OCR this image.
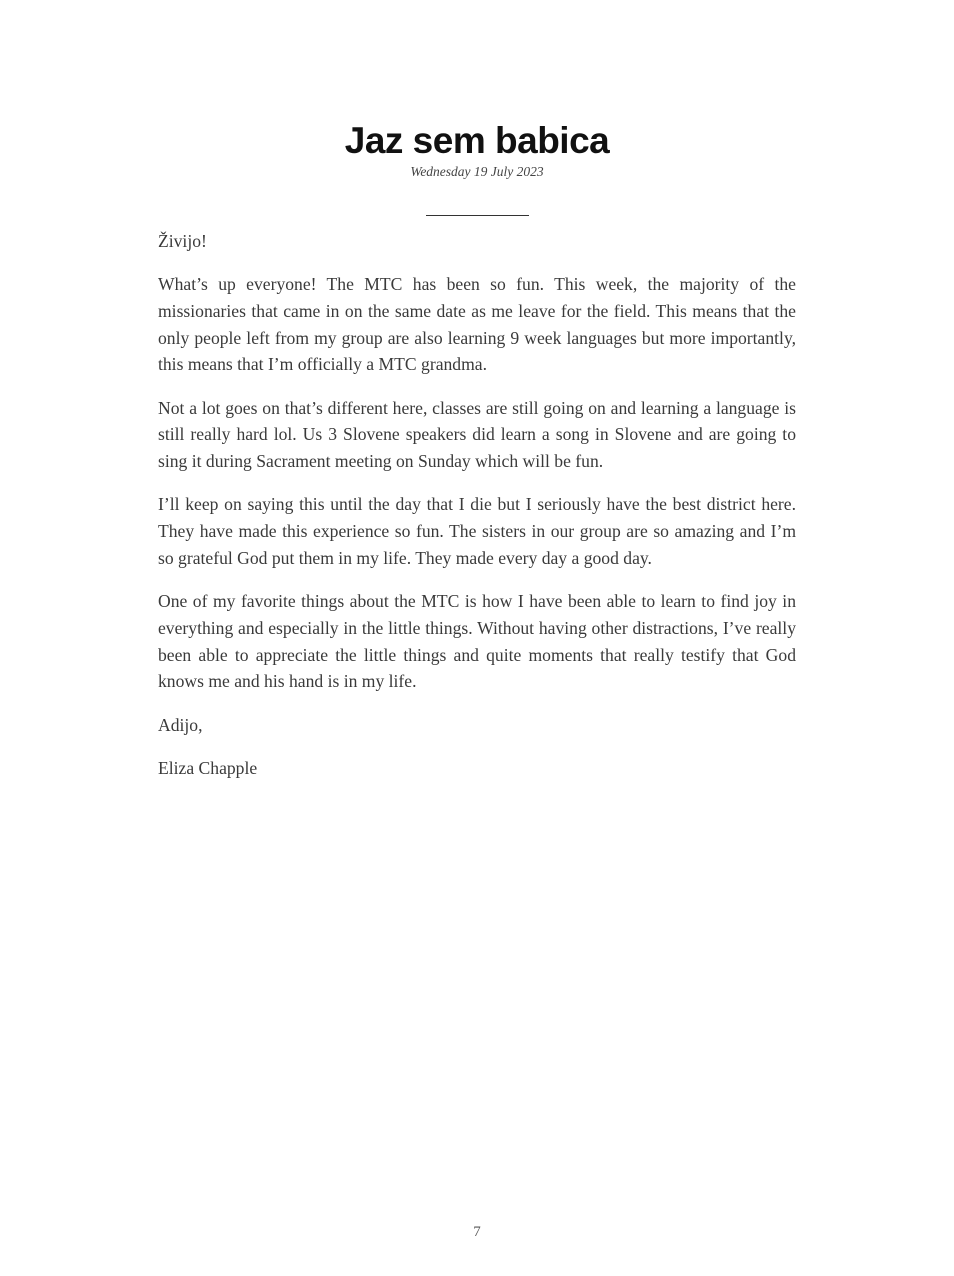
Jaz sem babica
Wednesday 19 July 2023

Živijo!

What’s up everyone! The MTC has been so fun. This week, the majority of the missionaries that came in on the same date as me leave for the field. This means that the only people left from my group are also learning 9 week languages but more importantly, this means that I’m officially a MTC grandma.

Not a lot goes on that’s different here, classes are still going on and learning a language is still really hard lol. Us 3 Slovene speakers did learn a song in Slovene and are going to sing it during Sacrament meeting on Sunday which will be fun.

I’ll keep on saying this until the day that I die but I seriously have the best district here. They have made this experience so fun. The sisters in our group are so amazing and I’m so grateful God put them in my life. They made every day a good day.

One of my favorite things about the MTC is how I have been able to learn to find joy in everything and especially in the little things. Without having other distractions, I’ve really been able to appreciate the little things and quite moments that really testify that God knows me and his hand is in my life.

Adijo,

Eliza Chapple

7
